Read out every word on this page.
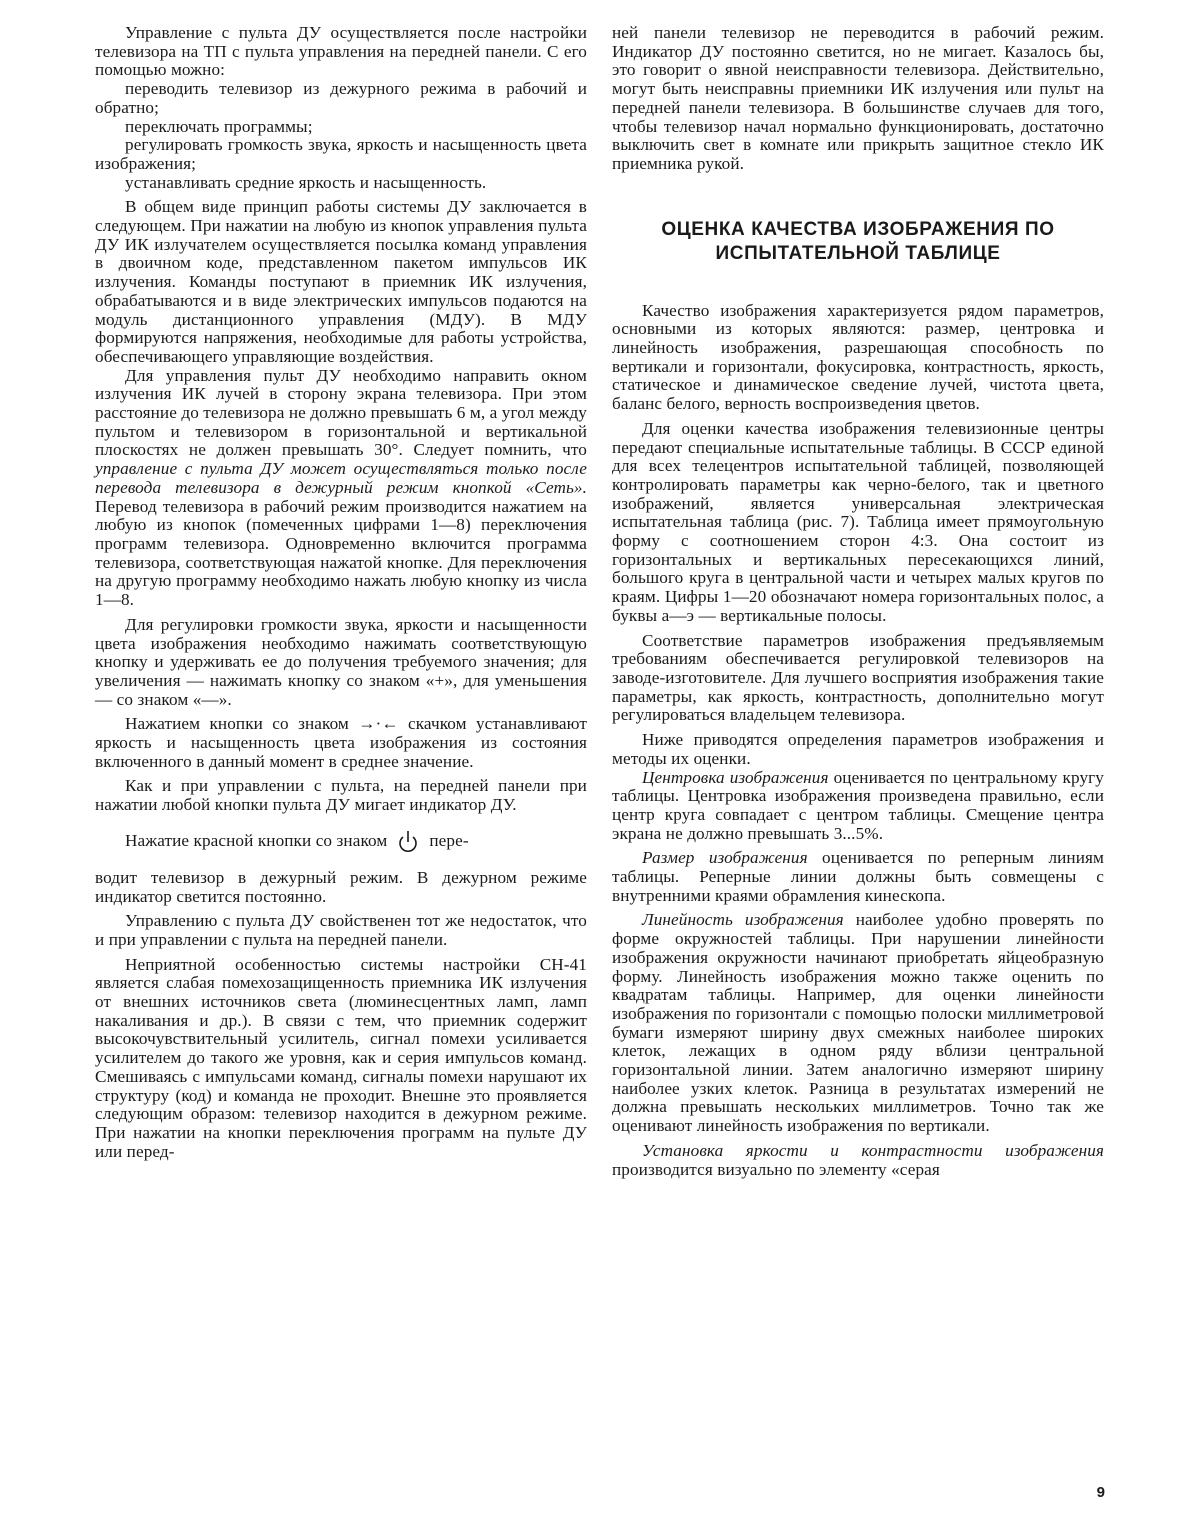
Управление с пульта ДУ осуществляется после настройки телевизора на ТП с пульта управления на передней панели. С его помощью можно:

переводить телевизор из дежурного режима в рабочий и обратно;

переключать программы;

регулировать громкость звука, яркость и насыщенность цвета изображения;

устанавливать средние яркость и насыщенность.

В общем виде принцип работы системы ДУ заключается в следующем. При нажатии на любую из кнопок управления пульта ДУ ИК излучателем осуществляется посылка команд управления в двоичном коде, представленном пакетом импульсов ИК излучения. Команды поступают в приемник ИК излучения, обрабатываются и в виде электрических импульсов подаются на модуль дистанционного управления (МДУ). В МДУ формируются напряжения, необходимые для работы устройства, обеспечивающего управляющие воздействия.

Для управления пульт ДУ необходимо направить окном излучения ИК лучей в сторону экрана телевизора. При этом расстояние до телевизора не должно превышать 6 м, а угол между пультом и телевизором в горизонтальной и вертикальной плоскостях не должен превышать 30°. Следует помнить, что управление с пульта ДУ может осуществляться только после перевода телевизора в дежурный режим кнопкой «Сеть». Перевод телевизора в рабочий режим производится нажатием на любую из кнопок (помеченных цифрами 1—8) переключения программ телевизора. Одновременно включится программа телевизора, соответствующая нажатой кнопке. Для переключения на другую программу необходимо нажать любую кнопку из числа 1—8.

Для регулировки громкости звука, яркости и насыщенности цвета изображения необходимо нажимать соответствующую кнопку и удерживать ее до получения требуемого значения; для увеличения — нажимать кнопку со знаком «+», для уменьшения — со знаком «—».

Нажатием кнопки со знаком →·← скачком устанавливают яркость и насыщенность цвета изображения из состояния включенного в данный момент в среднее значение.

Как и при управлении с пульта, на передней панели при нажатии любой кнопки пульта ДУ мигает индикатор ДУ.

Нажатие красной кнопки со знаком пере-

водит телевизор в дежурный режим. В дежурном режиме индикатор светится постоянно.

Управлению с пульта ДУ свойственен тот же недостаток, что и при управлении с пульта на передней панели.

Неприятной особенностью системы настройки СН-41 является слабая помехозащищенность приемника ИК излучения от внешних источников света (люминесцентных ламп, ламп накаливания и др.). В связи с тем, что приемник содержит высокочувствительный усилитель, сигнал помехи усиливается усилителем до такого же уровня, как и серия импульсов команд. Смешиваясь с импульсами команд, сигналы помехи нарушают их структуру (код) и команда не проходит. Внешне это проявляется следующим образом: телевизор находится в дежурном режиме. При нажатии на кнопки переключения программ на пульте ДУ или перед-

ней панели телевизор не переводится в рабочий режим. Индикатор ДУ постоянно светится, но не мигает. Казалось бы, это говорит о явной неисправности телевизора. Действительно, могут быть неисправны приемники ИК излучения или пульт на передней панели телевизора. В большинстве случаев для того, чтобы телевизор начал нормально функционировать, достаточно выключить свет в комнате или прикрыть защитное стекло ИК приемника рукой.

ОЦЕНКА КАЧЕСТВА ИЗОБРАЖЕНИЯ ПО
ИСПЫТАТЕЛЬНОЙ ТАБЛИЦЕ

Качество изображения характеризуется рядом параметров, основными из которых являются: размер, центровка и линейность изображения, разрешающая способность по вертикали и горизонтали, фокусировка, контрастность, яркость, статическое и динамическое сведение лучей, чистота цвета, баланс белого, верность воспроизведения цветов.

Для оценки качества изображения телевизионные центры передают специальные испытательные таблицы. В СССР единой для всех телецентров испытательной таблицей, позволяющей контролировать параметры как черно-белого, так и цветного изображений, является универсальная электрическая испытательная таблица (рис. 7). Таблица имеет прямоугольную форму с соотношением сторон 4:3. Она состоит из горизонтальных и вертикальных пересекающихся линий, большого круга в центральной части и четырех малых кругов по краям. Цифры 1—20 обозначают номера горизонтальных полос, а буквы а—э — вертикальные полосы.

Соответствие параметров изображения предъявляемым требованиям обеспечивается регулировкой телевизоров на заводе-изготовителе. Для лучшего восприятия изображения такие параметры, как яркость, контрастность, дополнительно могут регулироваться владельцем телевизора.

Ниже приводятся определения параметров изображения и методы их оценки.

Центровка изображения оценивается по центральному кругу таблицы. Центровка изображения произведена правильно, если центр круга совпадает с центром таблицы. Смещение центра экрана не должно превышать 3...5%.

Размер изображения оценивается по реперным линиям таблицы. Реперные линии должны быть совмещены с внутренними краями обрамления кинескопа.

Линейность изображения наиболее удобно проверять по форме окружностей таблицы. При нарушении линейности изображения окружности начинают приобретать яйцеобразную форму. Линейность изображения можно также оценить по квадратам таблицы. Например, для оценки линейности изображения по горизонтали с помощью полоски миллиметровой бумаги измеряют ширину двух смежных наиболее широких клеток, лежащих в одном ряду вблизи центральной горизонтальной линии. Затем аналогично измеряют ширину наиболее узких клеток. Разница в результатах измерений не должна превышать нескольких миллиметров. Точно так же оценивают линейность изображения по вертикали.

Установка яркости и контрастности изображения производится визуально по элементу «серая

9
